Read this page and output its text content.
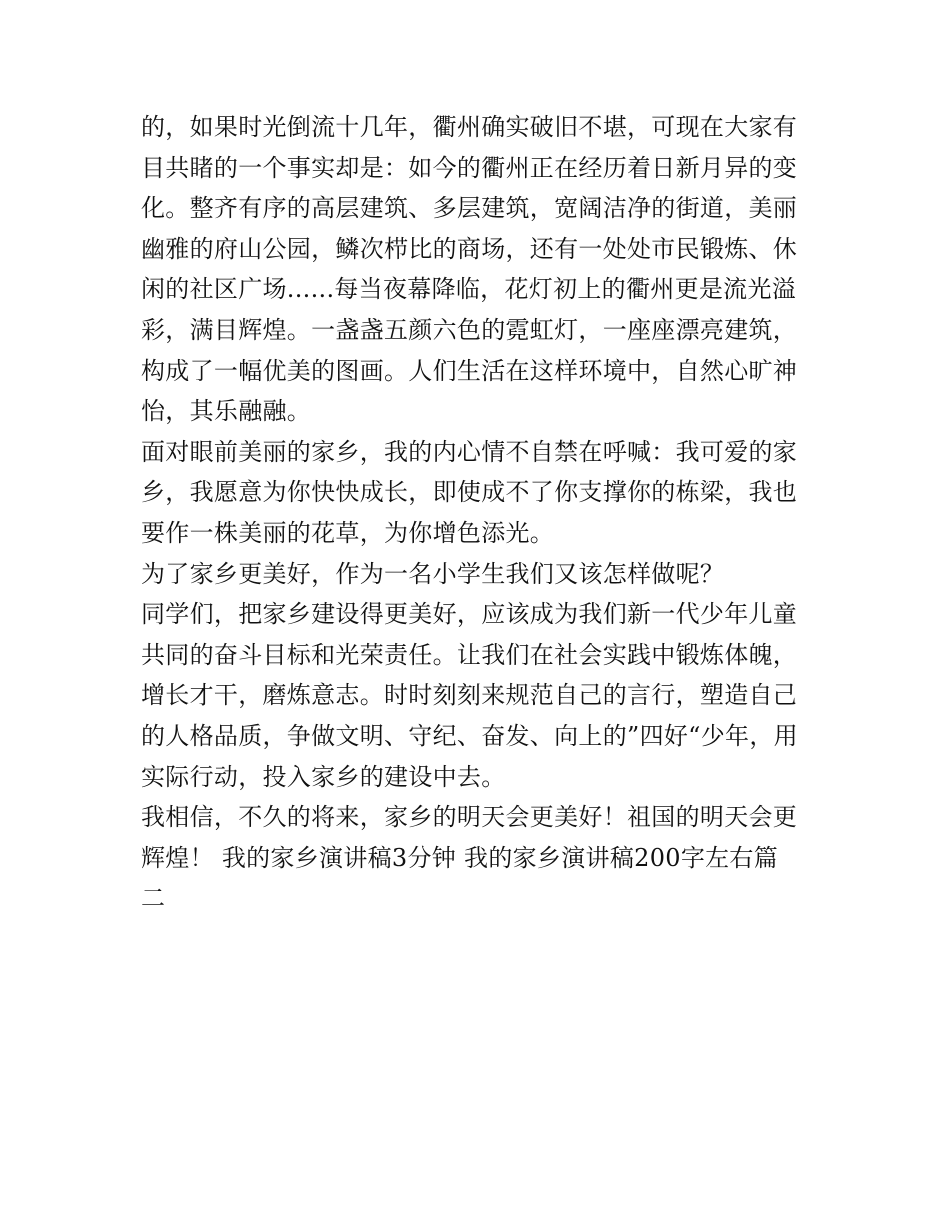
的，如果时光倒流十几年，衢州确实破旧不堪，可现在大家有
目共睹的一个事实却是：如今的衢州正在经历着日新月异的变
化。整齐有序的高层建筑、多层建筑，宽阔洁净的街道，美丽
幽雅的府山公园，鳞次栉比的商场，还有一处处市民锻炼、休
闲的社区广场......每当夜幕降临，花灯初上的衢州更是流光溢
彩，满目辉煌。一盏盏五颜六色的霓虹灯，一座座漂亮建筑，
构成了一幅优美的图画。人们生活在这样环境中，自然心旷神
怡，其乐融融。
面对眼前美丽的家乡，我的内心情不自禁在呼喊：我可爱的家
乡，我愿意为你快快成长，即使成不了你支撑你的栋梁，我也
要作一株美丽的花草，为你增色添光。
为了家乡更美好，作为一名小学生我们又该怎样做呢？
同学们，把家乡建设得更美好，应该成为我们新一代少年儿童
共同的奋斗目标和光荣责任。让我们在社会实践中锻炼体魄，
增长才干，磨炼意志。时时刻刻来规范自己的言行，塑造自己
的人格品质，争做文明、守纪、奋发、向上的”四好“少年，用
实际行动，投入家乡的建设中去。
我相信，不久的将来，家乡的明天会更美好！祖国的明天会更
辉煌！ 我的家乡演讲稿3分钟 我的家乡演讲稿200字左右篇
二
